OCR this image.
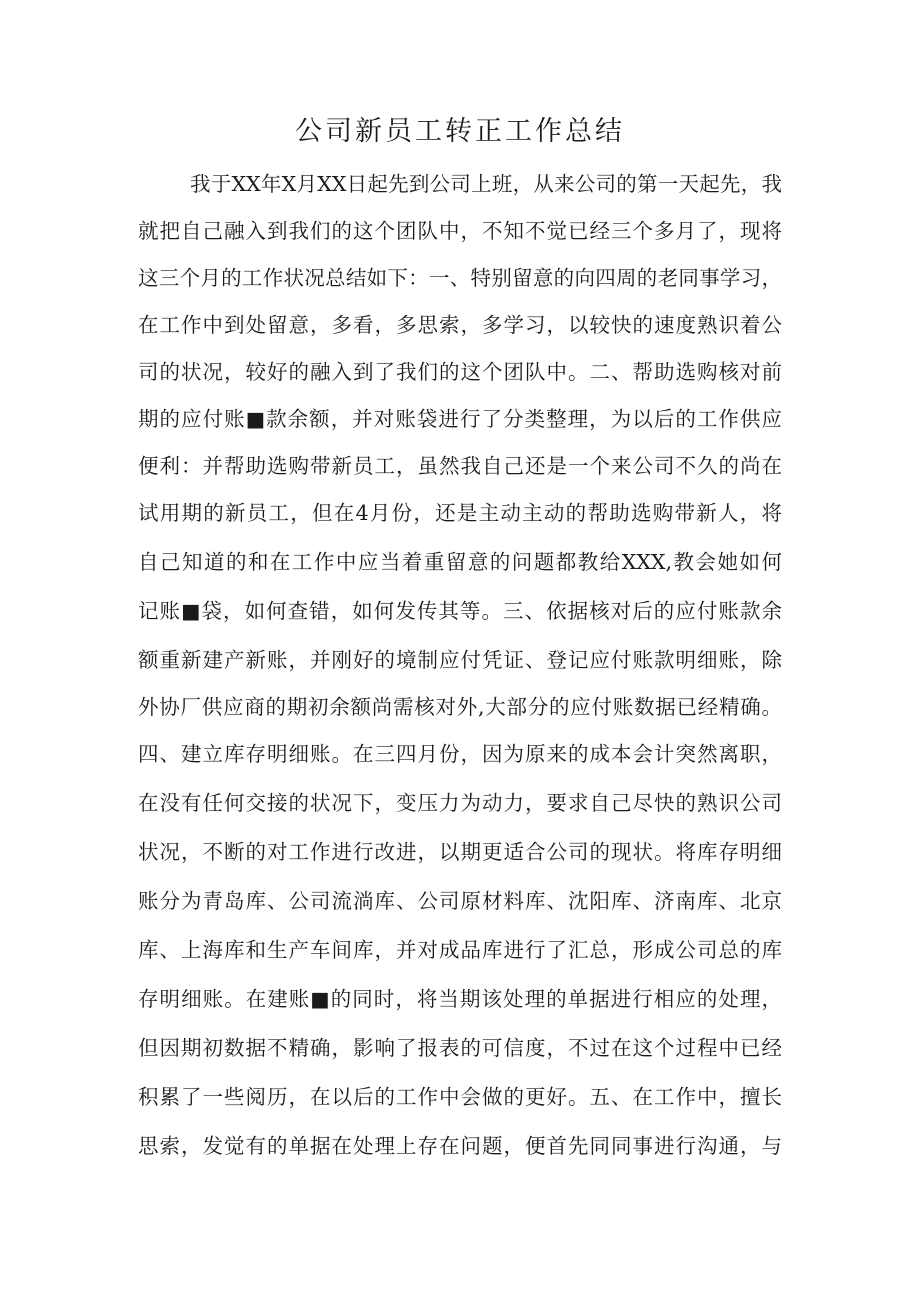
公司新员工转正工作总结
我于XX年X月XX日起先到公司上班，从来公司的第一天起先，我
就把自己融入到我们的这个团队中，不知不觉已经三个多月了，现将
这三个月的工作状况总结如下：一、特别留意的向四周的老同事学习，
在工作中到处留意，多看，多思索，多学习，以较快的速度熟识着公
司的状况，较好的融入到了我们的这个团队中。二、帮助选购核对前
期的应付账■款余额，并对账袋进行了分类整理，为以后的工作供应
便利：并帮助选购带新员工，虽然我自己还是一个来公司不久的尚在
试用期的新员工，但在4月份，还是主动主动的帮助选购带新人，将
自己知道的和在工作中应当着重留意的问题都教给XXX,教会她如何
记账■袋，如何查错，如何发传其等。三、依据核对后的应付账款余
额重新建产新账，并刚好的境制应付凭证、登记应付账款明细账，除
外协厂供应商的期初余额尚需核对外,大部分的应付账数据已经精确。
四、建立库存明细账。在三四月份，因为原来的成本会计突然离职，
在没有任何交接的状况下，变压力为动力，要求自己尽快的熟识公司
状况，不断的对工作进行改进，以期更适合公司的现状。将库存明细
账分为青岛库、公司流淌库、公司原材料库、沈阳库、济南库、北京
库、上海库和生产车间库，并对成品库进行了汇总，形成公司总的库
存明细账。在建账■的同时，将当期该处理的单据进行相应的处理，
但因期初数据不精确，影响了报表的可信度，不过在这个过程中已经
积累了一些阅历，在以后的工作中会做的更好。五、在工作中，擅长
思索，发觉有的单据在处理上存在问题，便首先同同事进行沟通，与
